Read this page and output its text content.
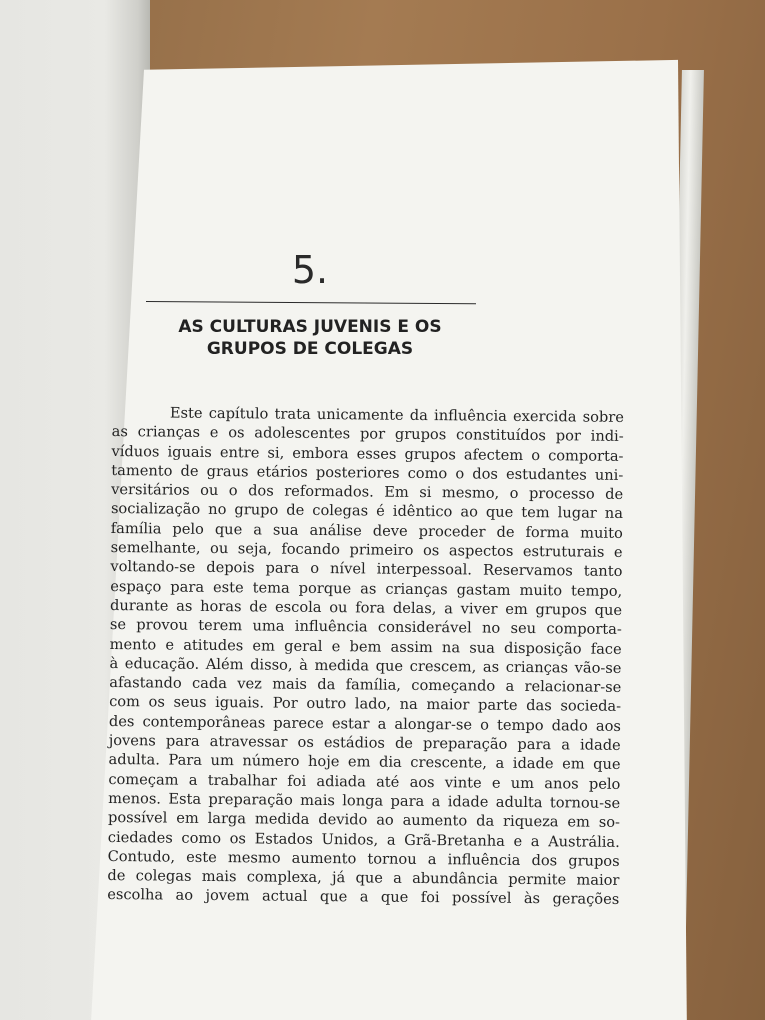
5.
AS CULTURAS JUVENIS E OS
GRUPOS DE COLEGAS
Este capítulo trata unicamente da influência exercida sobre
as crianças e os adolescentes por grupos constituídos por indi-
víduos iguais entre si, embora esses grupos afectem o comporta-
tamento de graus etários posteriores como o dos estudantes uni-
versitários ou o dos reformados. Em si mesmo, o processo de
socialização no grupo de colegas é idêntico ao que tem lugar na
família pelo que a sua análise deve proceder de forma muito
semelhante, ou seja, focando primeiro os aspectos estruturais e
voltando-se depois para o nível interpessoal. Reservamos tanto
espaço para este tema porque as crianças gastam muito tempo,
durante as horas de escola ou fora delas, a viver em grupos que
se provou terem uma influência considerável no seu comporta-
mento e atitudes em geral e bem assim na sua disposição face
à educação. Além disso, à medida que crescem, as crianças vão-se
afastando cada vez mais da família, começando a relacionar-se
com os seus iguais. Por outro lado, na maior parte das socieda-
des contemporâneas parece estar a alongar-se o tempo dado aos
jovens para atravessar os estádios de preparação para a idade
adulta. Para um número hoje em dia crescente, a idade em que
começam a trabalhar foi adiada até aos vinte e um anos pelo
menos. Esta preparação mais longa para a idade adulta tornou-se
possível em larga medida devido ao aumento da riqueza em so-
ciedades como os Estados Unidos, a Grã-Bretanha e a Austrália.
Contudo, este mesmo aumento tornou a influência dos grupos
de colegas mais complexa, já que a abundância permite maior
escolha ao jovem actual que a que foi possível às gerações
